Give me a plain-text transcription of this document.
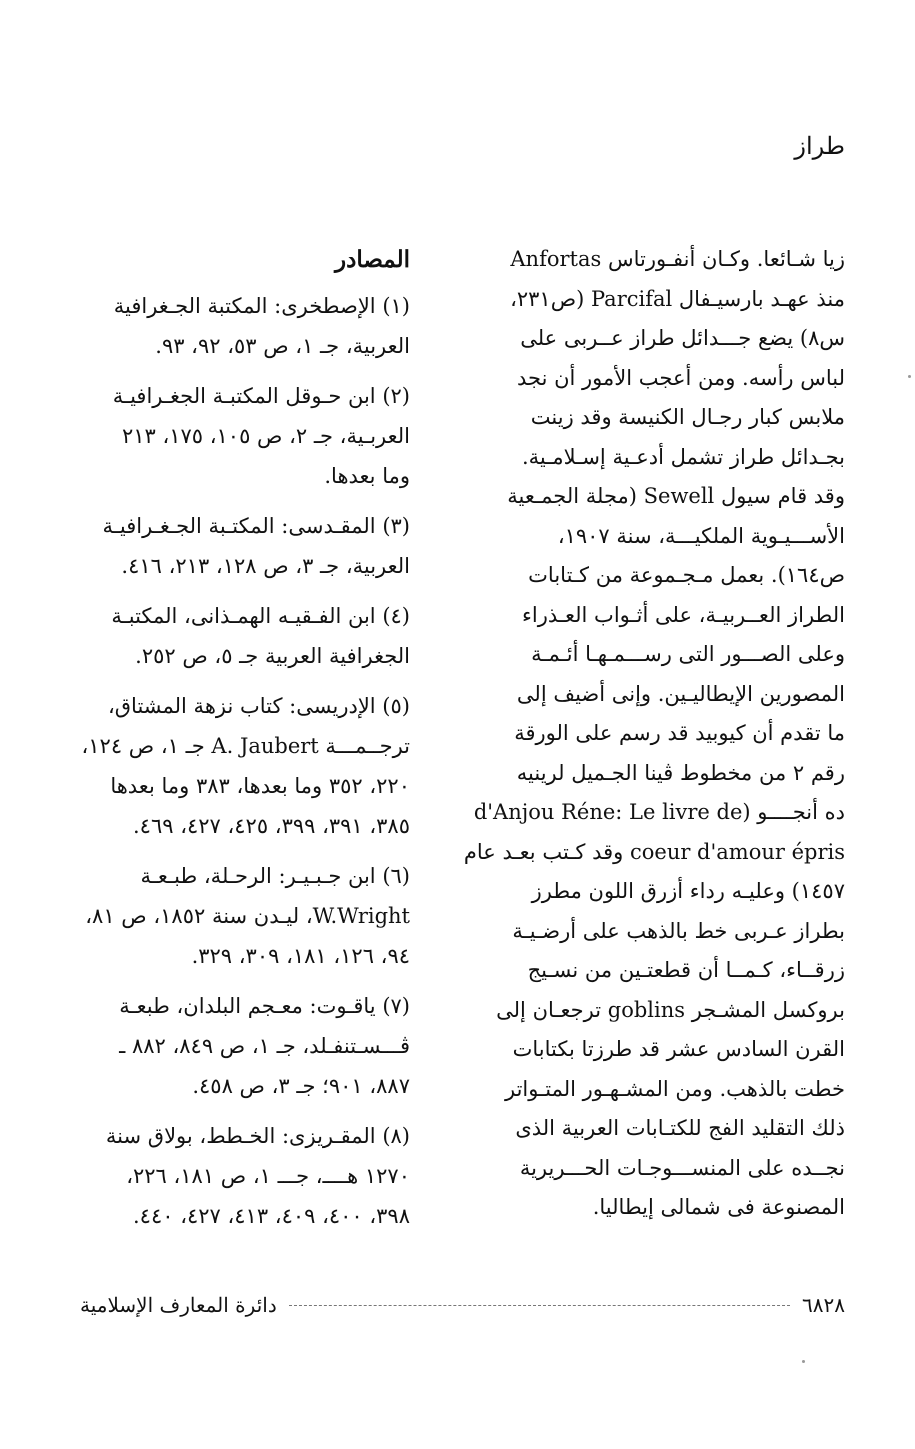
طراز
زيا شـائعا. وكـان أنفـورتاس Anfortas
منذ عهـد بارسيـفال Parcifal (ص٢٣١،
س٨) يضع جـــدائل طراز عــربى على
لباس رأسه. ومن أعجب الأمور أن نجد
ملابس كبار رجـال الكنيسة وقد زينت
بجـدائل طراز تشمل أدعـية إسـلامـية.
وقد قام سيول Sewell (مجلة الجمـعية
الأســـيـوية الملكيـــة، سنة ١٩٠٧،
ص١٦٤). بعمل مـجـموعة من كـتابات
الطراز العــربيـة، على أثـواب العـذراء
وعلى الصـــور التى رســـمـهـا أئـمـة
المصورين الإيطاليـين. وإنى أضيف إلى
ما تقدم أن كيوبيد قد رسم على الورقة
رقم ٢ من مخطوط ڤينا الجـميل لرينيه
ده أنجــــو (d'Anjou Réne: Le livre de
coeur d'amour épris وقد كـتب بعـد عام
١٤٥٧) وعليـه رداء أزرق اللون مطرز
بطراز عـربى خط بالذهب على أرضـيـة
زرقــاء، كـمــا أن قطعتـين من نسـيج
بروكسل المشـجر goblins ترجعـان إلى
القرن السادس عشر قد طرزتا بكتابات
خطت بالذهب. ومن المشـهـور المتـواتر
ذلك التقليد الفج للكتـابات العربية الذى
نجــده على المنســـوجـات الحـــريرية
المصنوعة فى شمالى إيطاليا.
المصادر
(١) الإصطخرى: المكتبة الجـغرافية
العربية، جـ ١، ص ٥٣، ٩٢، ٩٣.
(٢) ابن حـوقل المكتبـة الجغـرافيـة
العربـية، جـ ٢، ص ١٠٥، ١٧٥، ٢١٣
وما بعدها.
(٣) المقـدسى: المكتـبة الجـغـرافيـة
العربية، جـ ٣، ص ١٢٨، ٢١٣، ٤١٦.
(٤) ابن الفـقيـه الهمـذانى، المكتبـة
الجغرافية العربية جـ ٥، ص ٢٥٢.
(٥) الإدريسى: كتاب نزهة المشتاق،
ترجــمـــة A. Jaubert جـ ١، ص ١٢٤،
٢٢٠، ٣٥٢ وما بعدها، ٣٨٣ وما بعدها
٣٨٥، ٣٩١، ٣٩٩، ٤٢٥، ٤٢٧، ٤٦٩.
(٦) ابن جـبـيـر: الرحـلة، طبـعـة
W.Wright، ليـدن سنة ١٨٥٢، ص ٨١،
٩٤، ١٢٦، ١٨١، ٣٠٩، ٣٢٩.
(٧) ياقـوت: معـجم البلدان، طبعـة
ڤـــسـتنفـلد، جـ ١، ص ٨٤٩، ٨٨٢ ـ
٨٨٧، ٩٠١؛ جـ ٣، ص ٤٥٨.
(٨) المقـريزى: الخـطط، بولاق سنة
١٢٧٠ هــــ، جـــ ١، ص ١٨١، ٢٢٦،
٣٩٨، ٤٠٠، ٤٠٩، ٤١٣، ٤٢٧، ٤٤٠.
٦٨٢٨
دائرة المعارف الإسلامية
